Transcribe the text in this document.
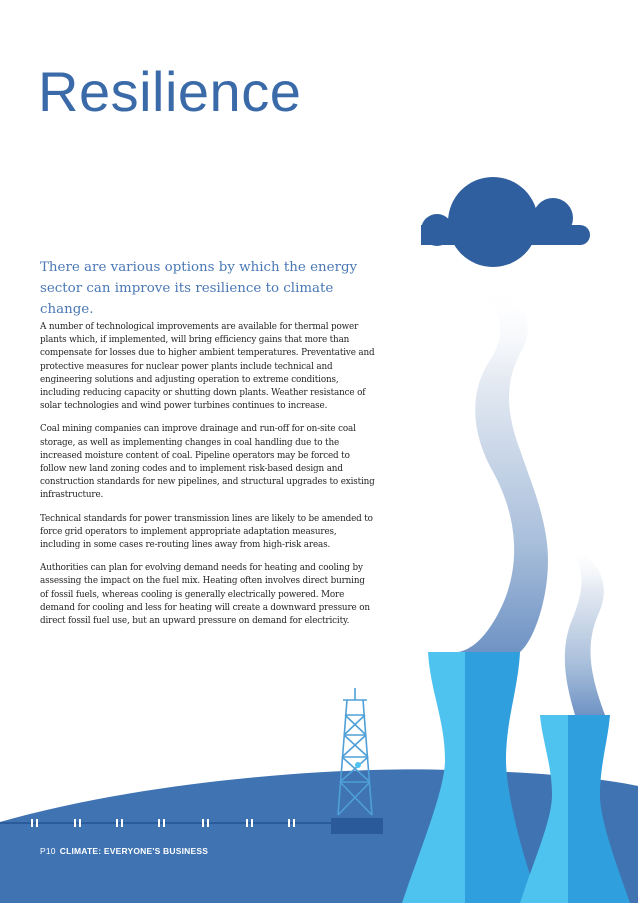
Resilience

There are various options by which the energy sector can improve its resilience to climate change.

A number of technological improvements are available for thermal power plants which, if implemented, will bring efficiency gains that more than compensate for losses due to higher ambient temperatures. Preventative and protective measures for nuclear power plants include technical and engineering solutions and adjusting operation to extreme conditions, including reducing capacity or shutting down plants. Weather resistance of solar technologies and wind power turbines continues to increase.

Coal mining companies can improve drainage and run-off for on-site coal storage, as well as implementing changes in coal handling due to the increased moisture content of coal. Pipeline operators may be forced to follow new land zoning codes and to implement risk-based design and construction standards for new pipelines, and structural upgrades to existing infrastructure.

Technical standards for power transmission lines are likely to be amended to force grid operators to implement appropriate adaptation measures, including in some cases re-routing lines away from high-risk areas.

Authorities can plan for evolving demand needs for heating and cooling by assessing the impact on the fuel mix. Heating often involves direct burning of fossil fuels, whereas cooling is generally electrically powered. More demand for cooling and less for heating will create a downward pressure on direct fossil fuel use, but an upward pressure on demand for electricity.

P10 CLIMATE: EVERYONE'S BUSINESS
